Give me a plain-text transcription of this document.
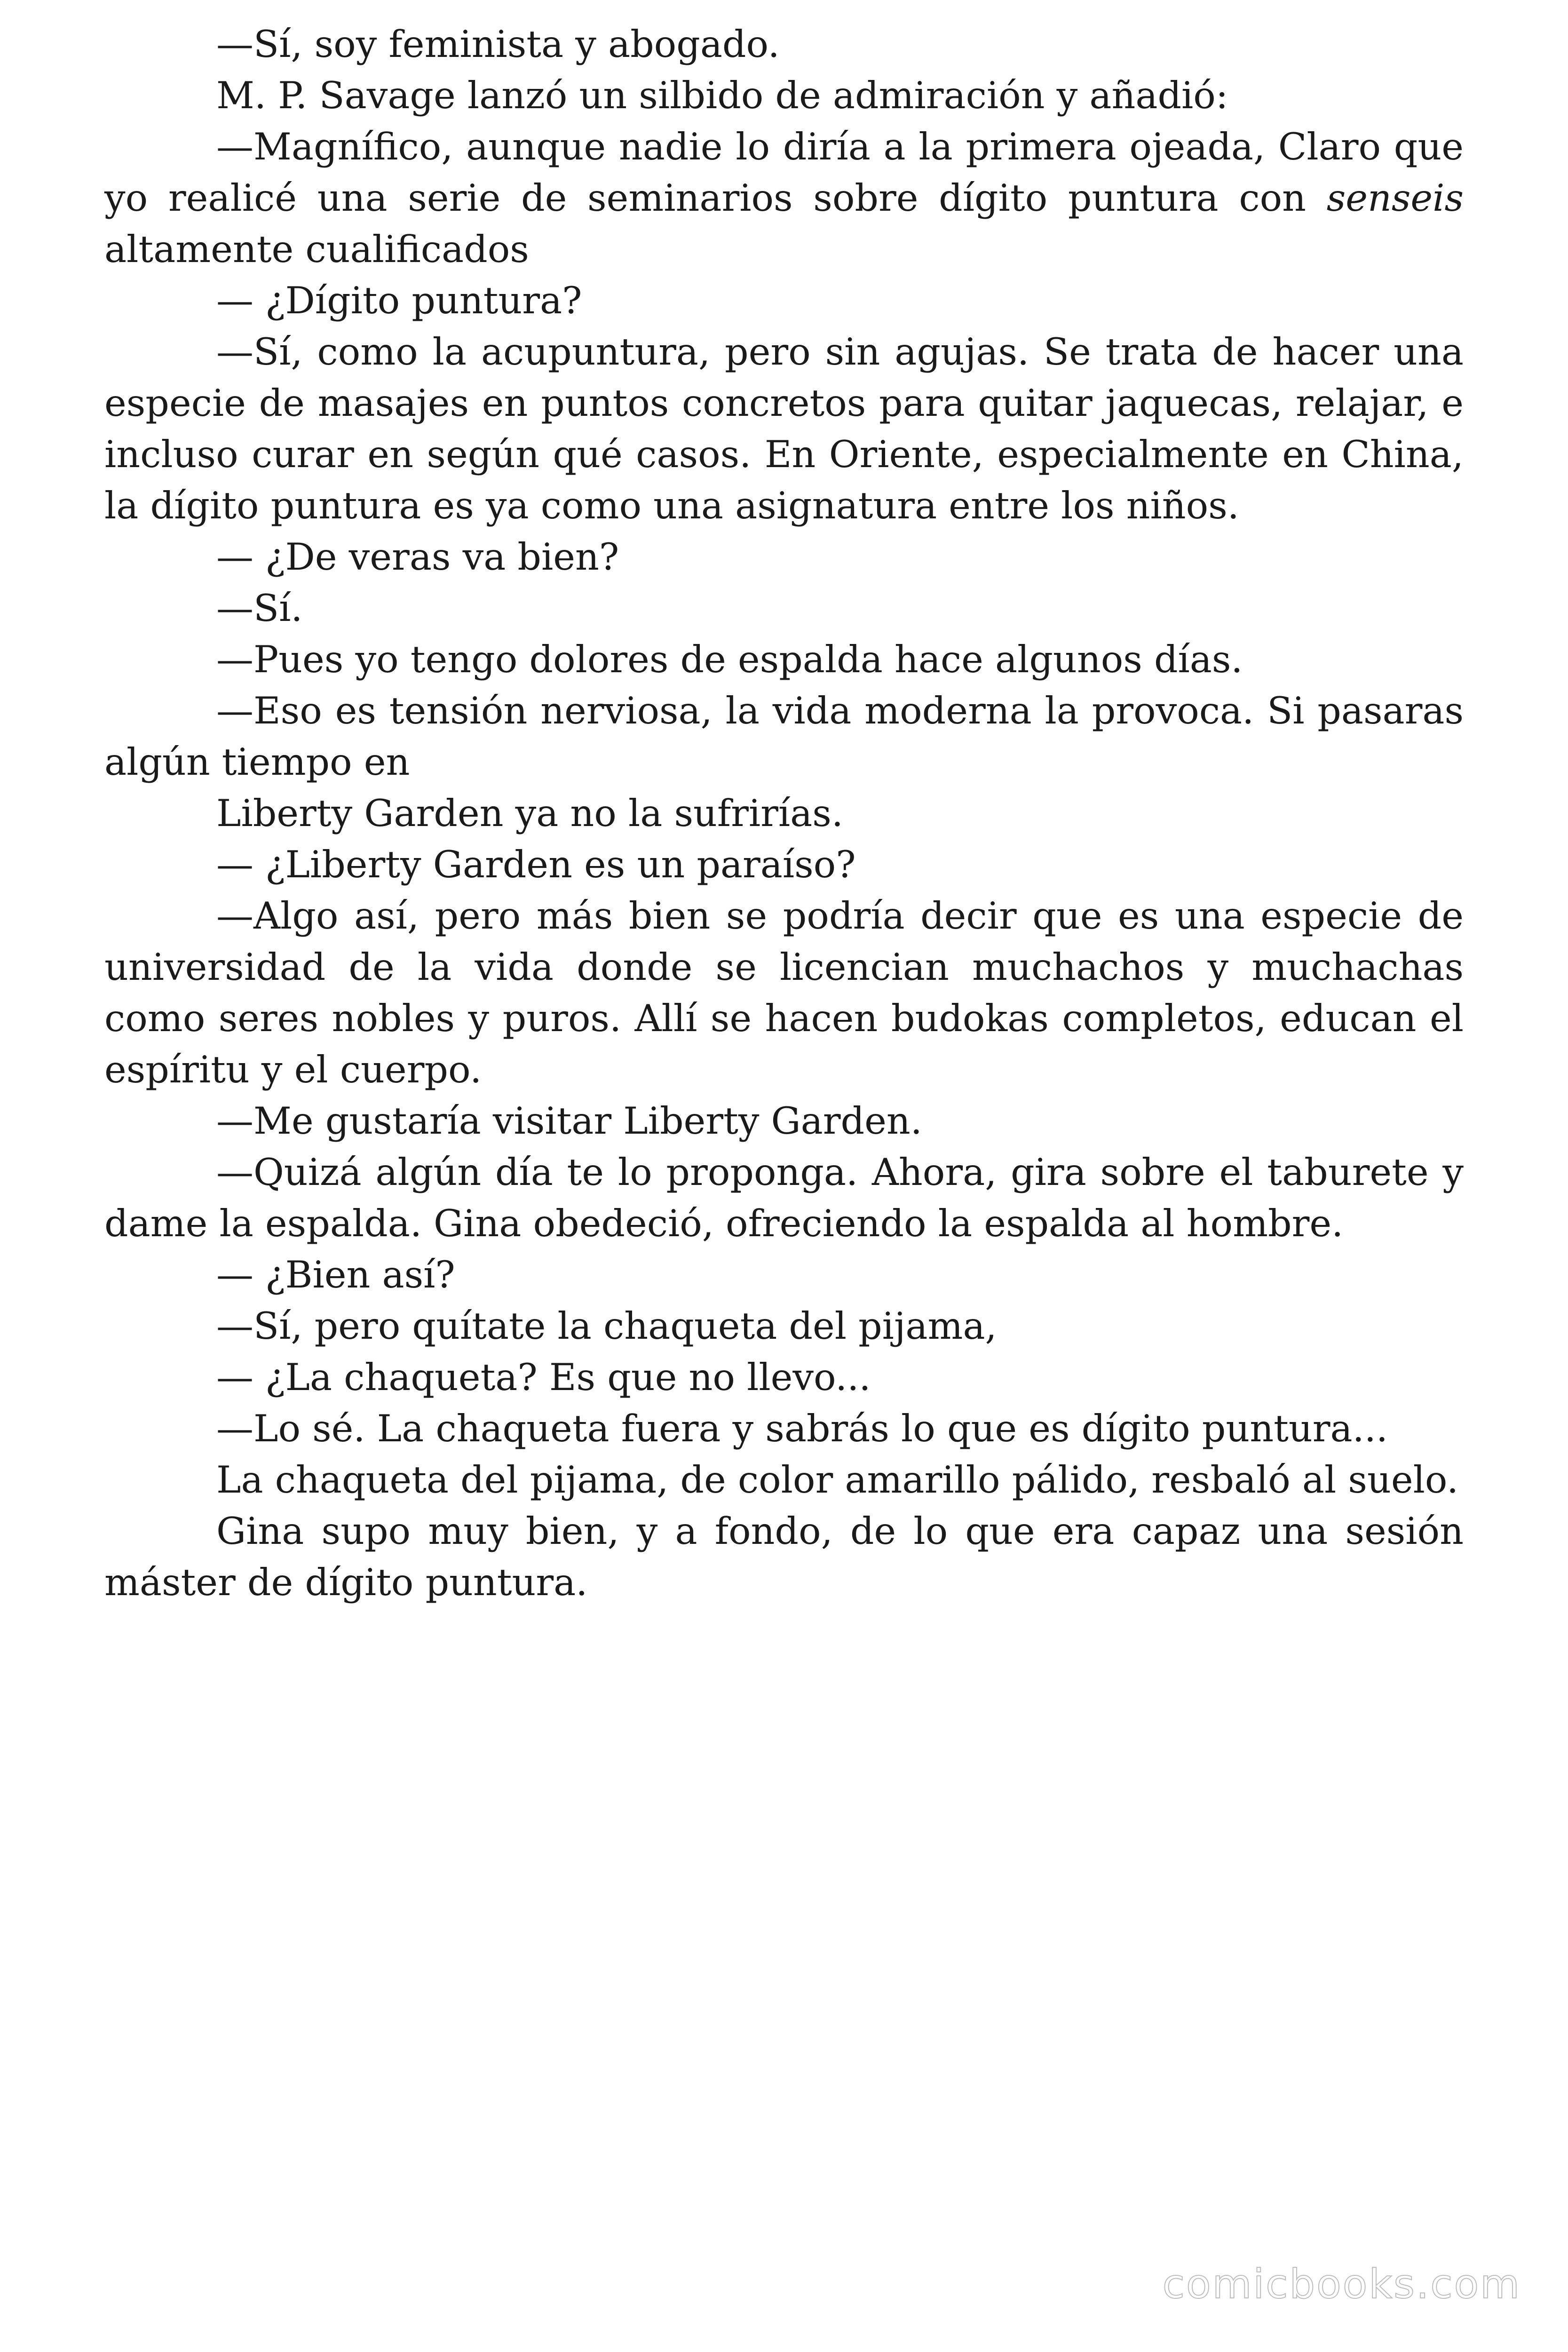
—Sí, soy feminista y abogado.

M. P. Savage lanzó un silbido de admiración y añadió:

—Magnífico, aunque nadie lo diría a la primera ojeada, Claro que yo realicé una serie de seminarios sobre dígito puntura con senseis altamente cualificados

— ¿Dígito puntura?

—Sí, como la acupuntura, pero sin agujas. Se trata de hacer una especie de masajes en puntos concretos para quitar jaquecas, relajar, e incluso curar en según qué casos. En Oriente, especialmente en China, la dígito puntura es ya como una asignatura entre los niños.

— ¿De veras va bien?

—Sí.

—Pues yo tengo dolores de espalda hace algunos días.

—Eso es tensión nerviosa, la vida moderna la provoca. Si pasaras algún tiempo en

Liberty Garden ya no la sufrirías.

— ¿Liberty Garden es un paraíso?

—Algo así, pero más bien se podría decir que es una especie de universidad de la vida donde se licencian muchachos y muchachas como seres nobles y puros. Allí se hacen budokas completos, educan el espíritu y el cuerpo.

—Me gustaría visitar Liberty Garden.

—Quizá algún día te lo proponga. Ahora, gira sobre el taburete y dame la espalda. Gina obedeció, ofreciendo la espalda al hombre.

— ¿Bien así?

—Sí, pero quítate la chaqueta del pijama,

— ¿La chaqueta? Es que no llevo...

—Lo sé. La chaqueta fuera y sabrás lo que es dígito puntura...

La chaqueta del pijama, de color amarillo pálido, resbaló al suelo.

Gina supo muy bien, y a fondo, de lo que era capaz una sesión máster de dígito puntura.

comicbooks.com
